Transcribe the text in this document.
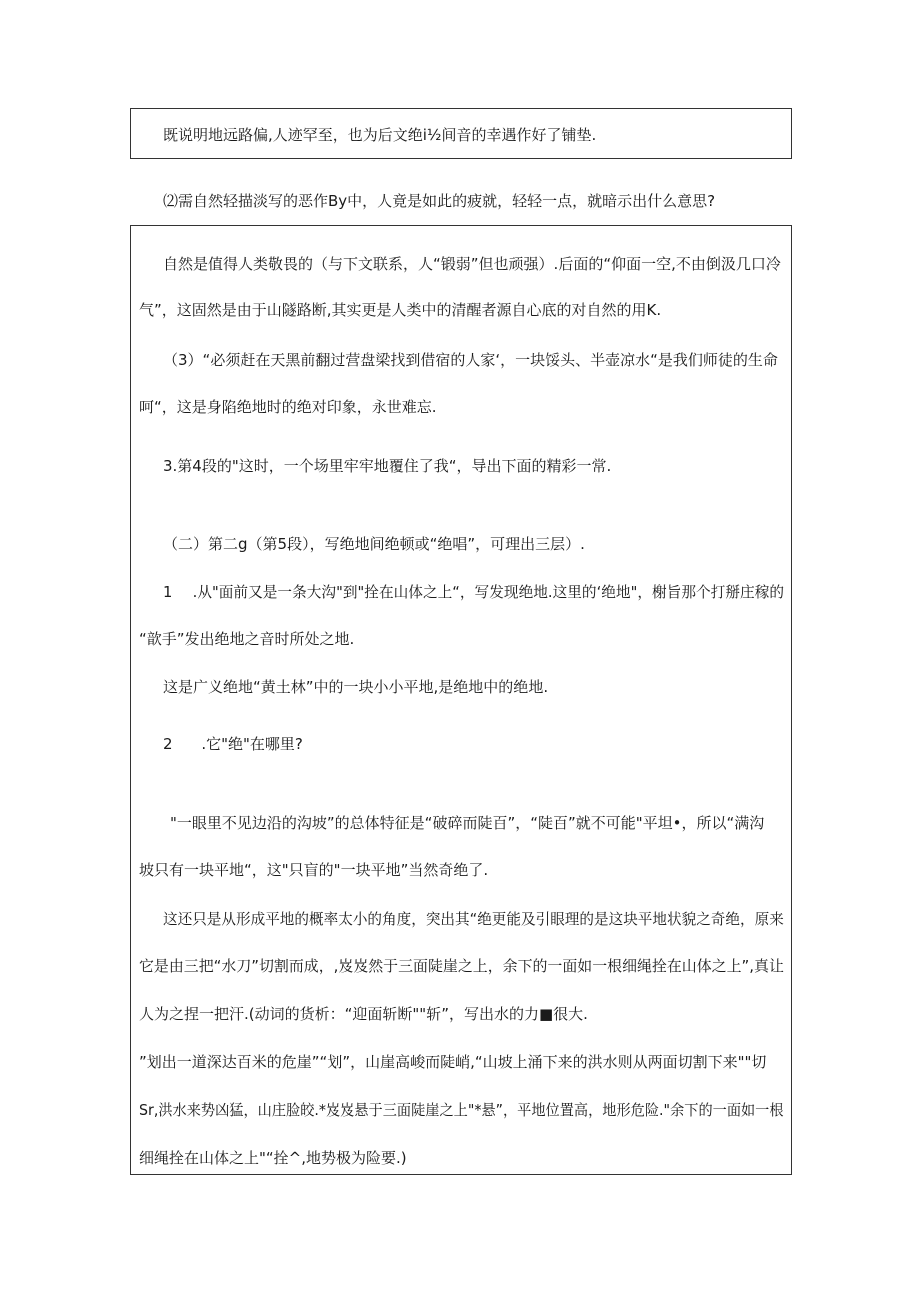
既说明地远路偏,人迹罕至，也为后文绝i½间音的幸遇作好了铺垫.
⑵需自然轻描淡写的恶作By中，人竟是如此的疲就，轻轻一点，就暗示出什么意思?
自然是值得人类敬畏的（与下文联系，人“锻弱”但也顽强）.后面的“仰面一空,不由倒汲几口冷
气”，这固然是由于山隧路断,其实更是人类中的清醒者源自心底的对自然的用K.
（3）“必须赶在天黑前翻过营盘梁找到借宿的人家‘，一块馁头、半壶凉水“是我们师徒的生命
呵“，这是身陷绝地时的绝对印象，永世难忘.
3.第4段的"这时，一个场里牢牢地覆住了我“，导出下面的精彩一常.
（二）第二g（第5段），写绝地间绝顿或“绝唱”，可理出三层）.
1 .从"面前又是一条大沟"到"拴在山体之上“，写发现绝地.这里的‘绝地"，榭旨那个打掰庄稼的
“歆手”发出绝地之音时所处之地.
这是广义绝地“黄土林”中的一块小小平地,是绝地中的绝地.
2 .它"绝"在哪里?
"一眼里不见边沿的沟坡”的总体特征是“破碎而陡百”，“陡百”就不可能"平坦•，所以“满沟
坡只有一块平地“，这"只盲的"一块平地”当然奇绝了.
这还只是从形成平地的概率太小的角度，突出其“绝更能及引眼理的是这块平地状貌之奇绝，原来
它是由三把“水刀”切割而成，,岌岌然于三面陡崖之上，余下的一面如一根细绳拴在山体之上”,真让
人为之捏一把汗.(动词的货析：“迎面斩断""斩”，写出水的力■很大.
”划出一道深达百米的危崖”“划”，山崖高峻而陡峭,“山坡上涌下来的洪水则从两面切割下来""切
Sr,洪水来势凶猛，山庄脸皎.*岌岌悬于三面陡崖之上"*悬”，平地位置高，地形危险."余下的一面如一根
细绳拴在山体之上"“拴^,地势极为险要.)
